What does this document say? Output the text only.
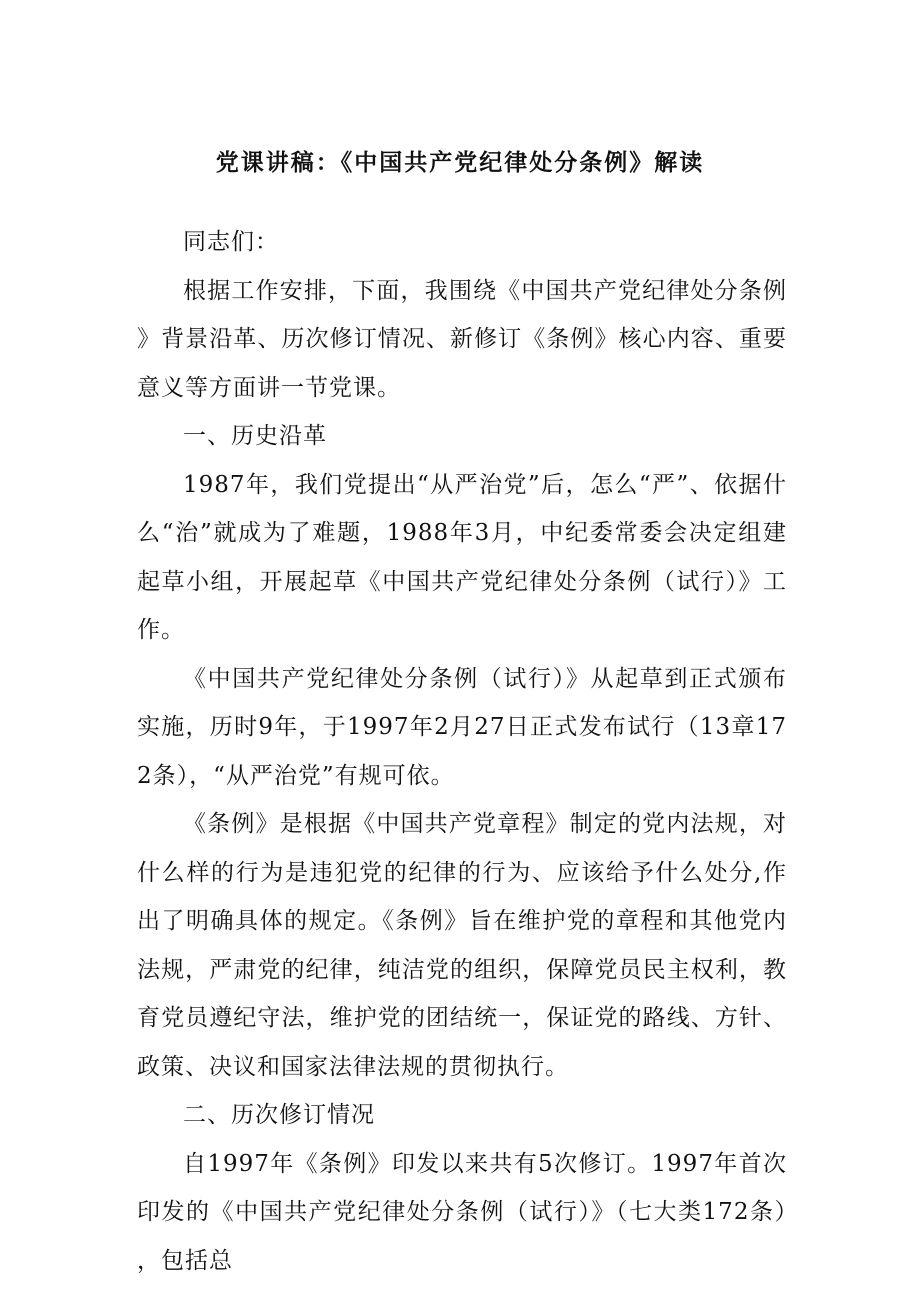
党课讲稿：《中国共产党纪律处分条例》解读

同志们：

根据工作安排，下面，我围绕《中国共产党纪律处分条例》背景沿革、历次修订情况、新修订《条例》核心内容、重要意义等方面讲一节党课。

一、历史沿革

1987年，我们党提出“从严治党”后，怎么“严”、依据什么“治”就成为了难题，1988年3月，中纪委常委会决定组建起草小组，开展起草《中国共产党纪律处分条例（试行）》工作。

《中国共产党纪律处分条例（试行）》从起草到正式颁布实施，历时9年，于1997年2月27日正式发布试行（13章172条），“从严治党”有规可依。

《条例》是根据《中国共产党章程》制定的党内法规，对什么样的行为是违犯党的纪律的行为、应该给予什么处分,作出了明确具体的规定。《条例》旨在维护党的章程和其他党内法规，严肃党的纪律，纯洁党的组织，保障党员民主权利，教育党员遵纪守法，维护党的团结统一，保证党的路线、方针、政策、决议和国家法律法规的贯彻执行。

二、历次修订情况

自1997年《条例》印发以来共有5次修订。1997年首次印发的《中国共产党纪律处分条例（试行）》（七大类172条），包括总
